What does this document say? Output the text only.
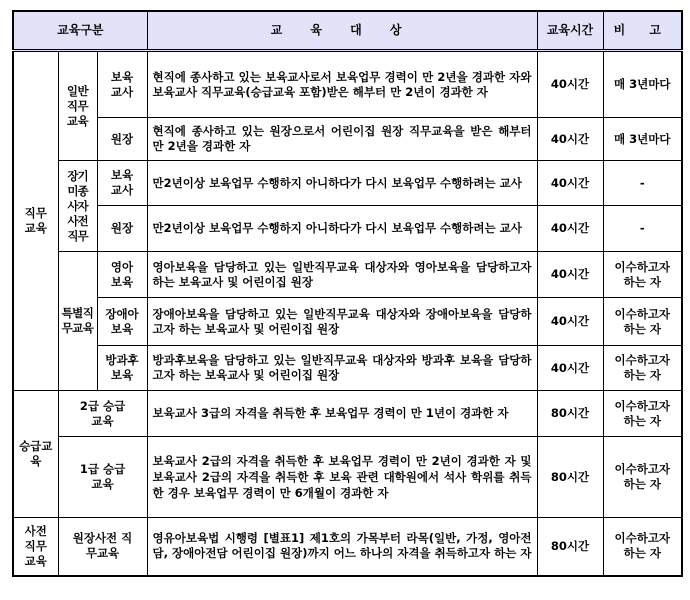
교육구분			교 육 대 상	교육시간	비 고
직무 교육	일반직무교육	보육교사	현직에 종사하고 있는 보육교사로서 보육업무 경력이 만 2년을 경과한 자와 보육교사 직무교육(승급교육 포함)받은 해부터 만 2년이 경과한 자	40시간	매 3년마다
		원장	현직에 종사하고 있는 원장으로서 어린이집 원장 직무교육을 받은 해부터 만 2년을 경과한 자	40시간	매 3년마다
	장기미종사자사전직무	보육교사	만2년이상 보육업무 수행하지 아니하다가 다시 보육업무 수행하려는 교사	40시간	-
		원장	만2년이상 보육업무 수행하지 아니하다가 다시 보육업무 수행하려는 교사	40시간	-
	특별직무교육	영아보육	영아보육을 담당하고 있는 일반직무교육 대상자와 영아보육을 담당하고자 하는 보육교사 및 어린이집 원장	40시간	이수하고자 하는 자
		장애아보육	장애아보육을 담당하고 있는 일반직무교육 대상자와 장애아보육을 담당하고자 하는 보육교사 및 어린이집 원장	40시간	이수하고자 하는 자
		방과후보육	방과후보육을 담당하고 있는 일반직무교육 대상자와 방과후 보육을 담당하고자 하는 보육교사 및 어린이집 원장	40시간	이수하고자 하는 자
승급교육	2급 승급 교육		보육교사 3급의 자격을 취득한 후 보육업무 경력이 만 1년이 경과한 자	80시간	이수하고자 하는 자
	1급 승급 교육		보육교사 2급의 자격을 취득한 후 보육업무 경력이 만 2년이 경과한 자 및 보육교사 2급의 자격을 취득한 후 보육 관련 대학원에서 석사 학위를 취득한 경우 보육업무 경력이 만 6개월이 경과한 자	80시간	이수하고자 하는 자
사전 직무 교육	원장사전 직무교육		영유아보육법 시행령 [별표1] 제1호의 가목부터 라목(일반, 가정, 영아전담, 장애아전담 어린이집 원장)까지 어느 하나의 자격을 취득하고자 하는 자	80시간	이수하고자 하는 자
